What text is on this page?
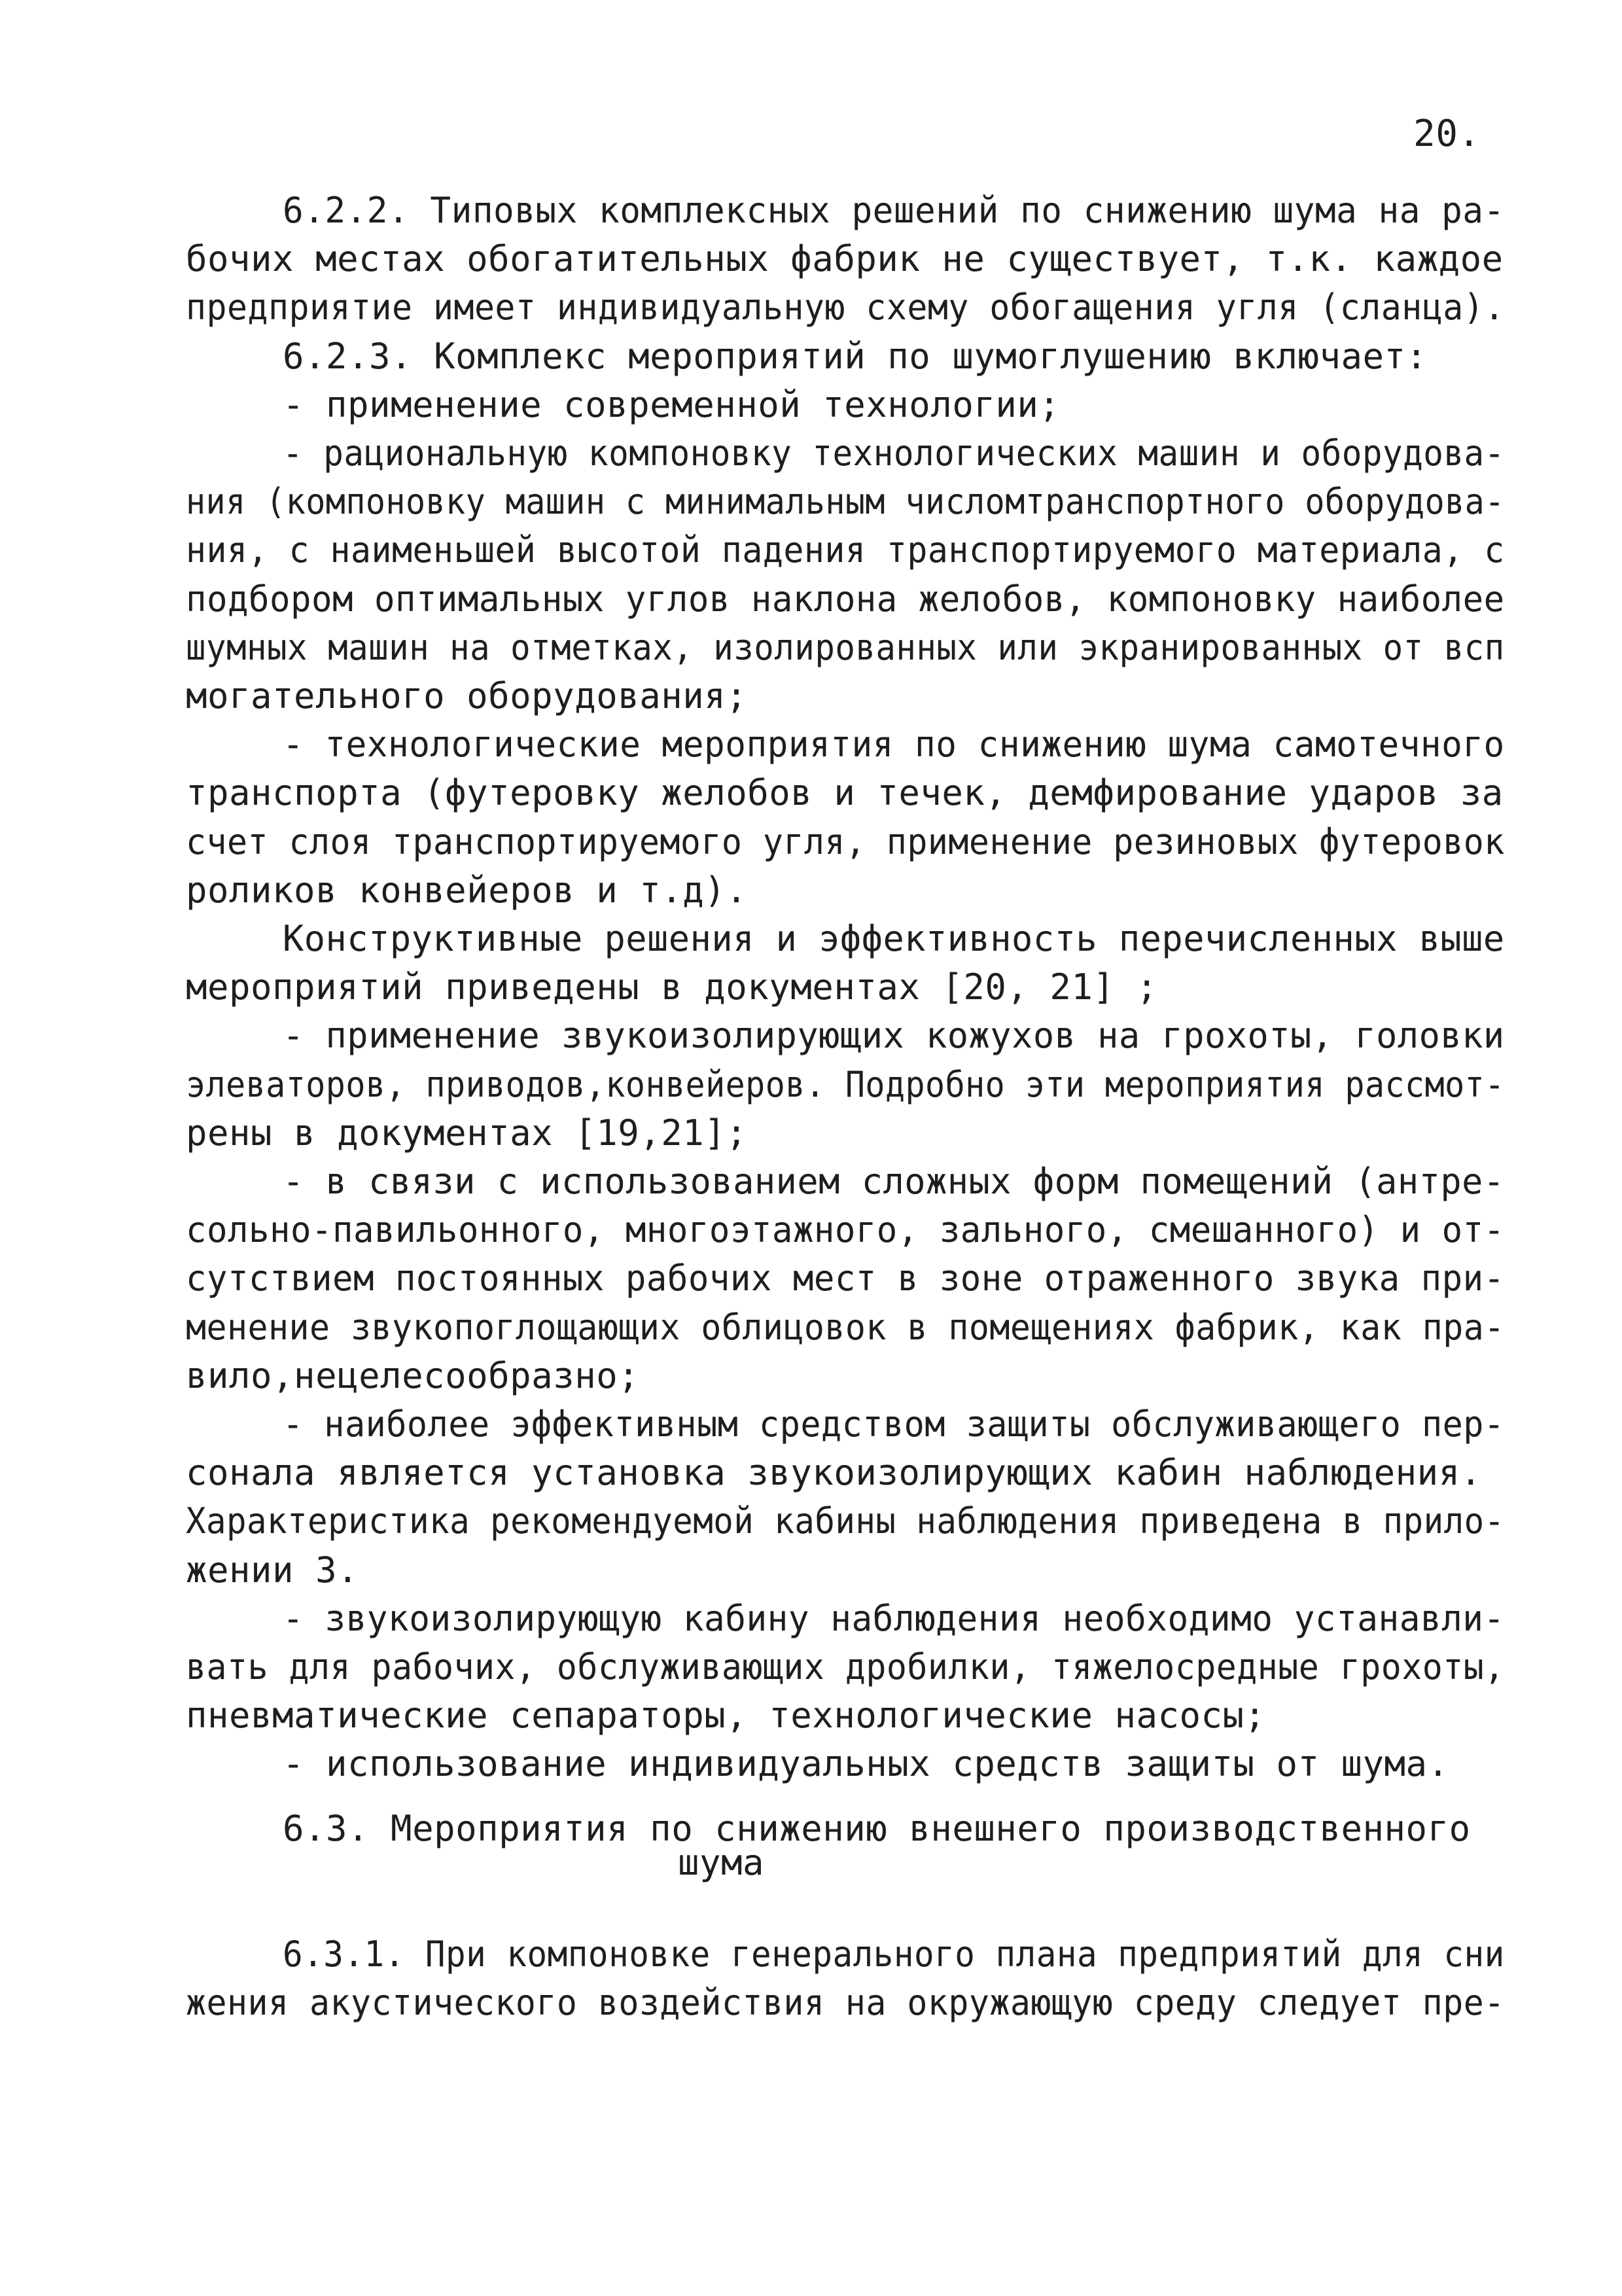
20.
6.2.2. Типовых комплексных решений по снижению шума на ра-
бочих местах обогатительных фабрик не существует, т.к. каждое
предприятие имеет индивидуальную схему обогащения угля (сланца).
6.2.3. Комплекс мероприятий по шумоглушению включает:
- применение современной технологии;
- рациональную компоновку технологических машин и оборудова-
ния (компоновку машин с минимальным числомтранспортного оборудова-
ния, с наименьшей высотой падения транспортируемого материала, с
подбором оптимальных углов наклона желобов, компоновку наиболее
шумных машин на отметках, изолированных или экранированных от всп
могательного оборудования;
- технологические мероприятия по снижению шума самотечного
транспорта (футеровку желобов и течек, демфирование ударов за
счет слоя транспортируемого угля, применение резиновых футеровок
роликов конвейеров и т.д).
Конструктивные решения и эффективность перечисленных выше
мероприятий приведены в документах [20, 21] ;
- применение звукоизолирующих кожухов на грохоты, головки
элеваторов, приводов,конвейеров. Подробно эти мероприятия рассмот-
рены в документах [19,21];
- в связи с использованием сложных форм помещений (антре-
сольно-павильонного, многоэтажного, зального, смешанного) и от-
сутствием постоянных рабочих мест в зоне отраженного звука при-
менение звукопоглощающих облицовок в помещениях фабрик, как пра-
вило,нецелесообразно;
- наиболее эффективным средством защиты обслуживающего пер-
сонала является установка звукоизолирующих кабин наблюдения.
Характеристика рекомендуемой кабины наблюдения приведена в прило-
жении 3.
- звукоизолирующую кабину наблюдения необходимо устанавли-
вать для рабочих, обслуживающих дробилки, тяжелосредные грохоты,
пневматические сепараторы, технологические насосы;
- использование индивидуальных средств защиты от шума.
6.3. Мероприятия по снижению внешнего производственного
шума
6.3.1. При компоновке генерального плана предприятий для сни
жения акустического воздействия на окружающую среду следует пре-
